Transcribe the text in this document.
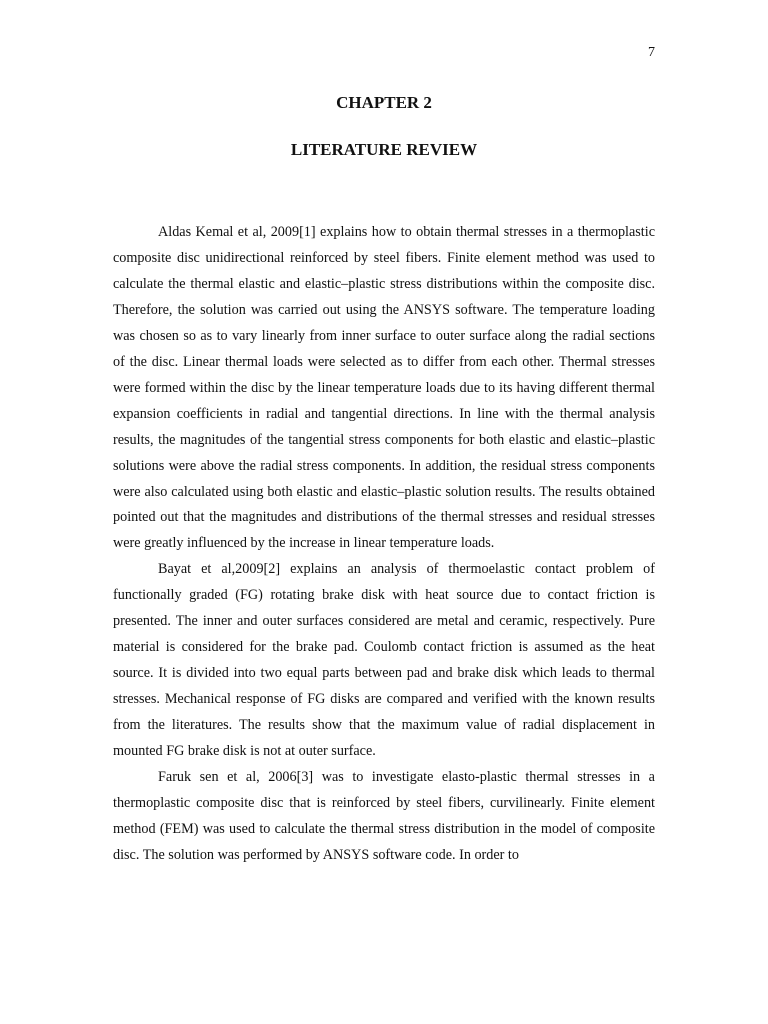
7
CHAPTER 2
LITERATURE REVIEW

Aldas Kemal et al, 2009[1] explains how to obtain thermal stresses in a thermoplastic composite disc unidirectional reinforced by steel fibers. Finite element method was used to calculate the thermal elastic and elastic–plastic stress distributions within the composite disc. Therefore, the solution was carried out using the ANSYS software. The temperature loading was chosen so as to vary linearly from inner surface to outer surface along the radial sections of the disc. Linear thermal loads were selected as to differ from each other. Thermal stresses were formed within the disc by the linear temperature loads due to its having different thermal expansion coefficients in radial and tangential directions. In line with the thermal analysis results, the magnitudes of the tangential stress components for both elastic and elastic–plastic solutions were above the radial stress components. In addition, the residual stress components were also calculated using both elastic and elastic–plastic solution results. The results obtained pointed out that the magnitudes and distributions of the thermal stresses and residual stresses were greatly influenced by the increase in linear temperature loads.

Bayat et al,2009[2] explains an analysis of thermoelastic contact problem of functionally graded (FG) rotating brake disk with heat source due to contact friction is presented. The inner and outer surfaces considered are metal and ceramic, respectively. Pure material is considered for the brake pad. Coulomb contact friction is assumed as the heat source. It is divided into two equal parts between pad and brake disk which leads to thermal stresses. Mechanical response of FG disks are compared and verified with the known results from the literatures. The results show that the maximum value of radial displacement in mounted FG brake disk is not at outer surface.

Faruk sen et al, 2006[3] was to investigate elasto-plastic thermal stresses in a thermoplastic composite disc that is reinforced by steel fibers, curvilinearly. Finite element method (FEM) was used to calculate the thermal stress distribution in the model of composite disc. The solution was performed by ANSYS software code. In order to
